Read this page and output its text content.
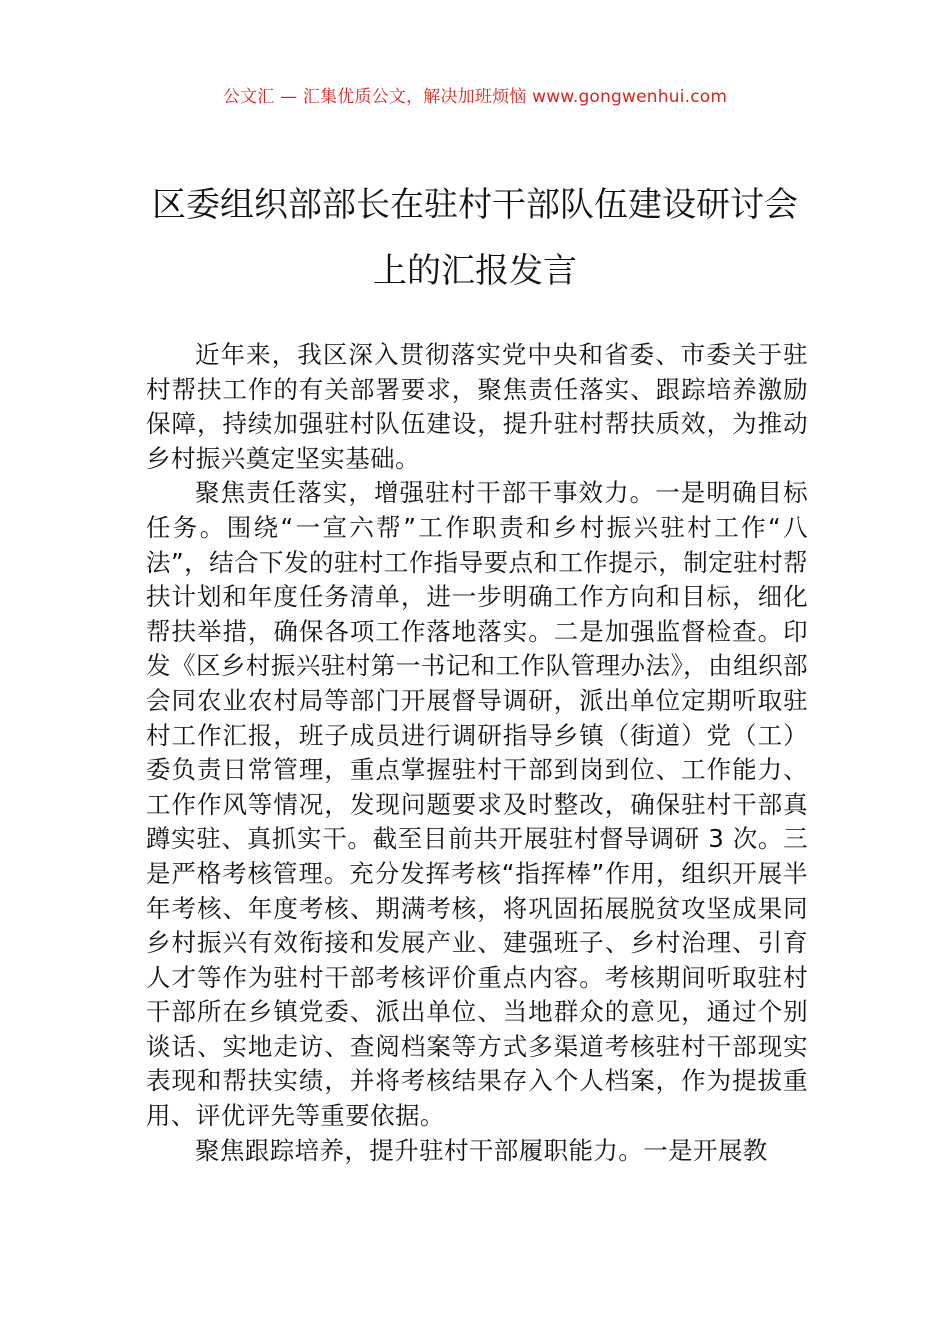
公文汇 — 汇集优质公文，解决加班烦恼 www.gongwenhui.com
区委组织部部长在驻村干部队伍建设研讨会上的汇报发言

近年来，我区深入贯彻落实党中央和省委、市委关于驻村帮扶工作的有关部署要求，聚焦责任落实、跟踪培养激励保障，持续加强驻村队伍建设，提升驻村帮扶质效，为推动乡村振兴奠定坚实基础。

聚焦责任落实，增强驻村干部干事效力。一是明确目标任务。围绕“一宣六帮”工作职责和乡村振兴驻村工作“八法”，结合下发的驻村工作指导要点和工作提示，制定驻村帮扶计划和年度任务清单，进一步明确工作方向和目标，细化帮扶举措，确保各项工作落地落实。二是加强监督检查。印发《区乡村振兴驻村第一书记和工作队管理办法》，由组织部会同农业农村局等部门开展督导调研，派出单位定期听取驻村工作汇报，班子成员进行调研指导乡镇（街道）党（工）委负责日常管理，重点掌握驻村干部到岗到位、工作能力、工作作风等情况，发现问题要求及时整改，确保驻村干部真蹲实驻、真抓实干。截至目前共开展驻村督导调研 3 次。三是严格考核管理。充分发挥考核“指挥棒”作用，组织开展半年考核、年度考核、期满考核，将巩固拓展脱贫攻坚成果同乡村振兴有效衔接和发展产业、建强班子、乡村治理、引育人才等作为驻村干部考核评价重点内容。考核期间听取驻村干部所在乡镇党委、派出单位、当地群众的意见，通过个别谈话、实地走访、查阅档案等方式多渠道考核驻村干部现实表现和帮扶实绩，并将考核结果存入个人档案，作为提拔重用、评优评先等重要依据。

聚焦跟踪培养，提升驻村干部履职能力。一是开展教
